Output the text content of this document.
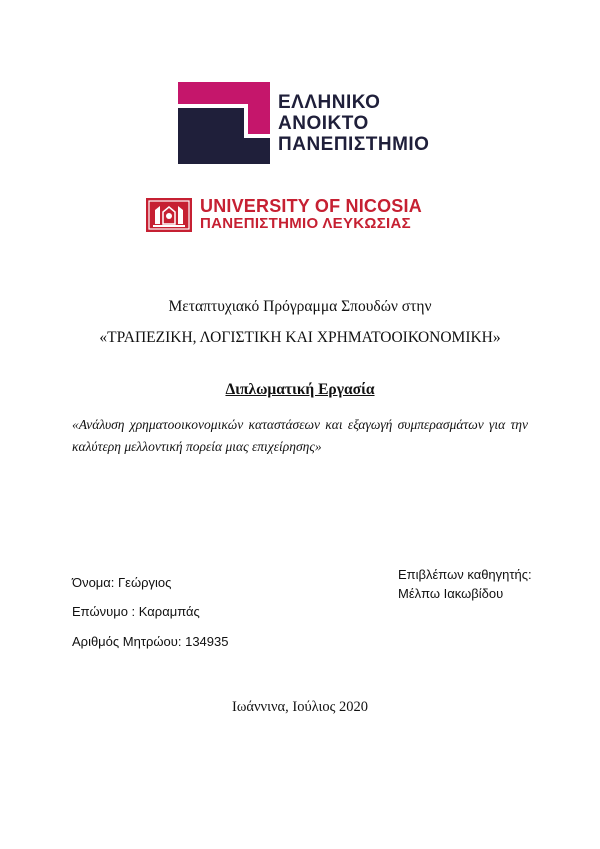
ΕΛΛΗΝΙΚΟ
ΑΝΟΙΚΤΟ
ΠΑΝΕΠΙΣΤΗΜΙΟ
UNIVERSITY OF NICOSIA
ΠΑΝΕΠΙΣΤΗΜΙΟ ΛΕΥΚΩΣΙΑΣ
Μεταπτυχιακό Πρόγραμμα Σπουδών στην
«ΤΡΑΠΕΖΙΚΗ, ΛΟΓΙΣΤΙΚΗ ΚΑΙ ΧΡΗΜΑΤΟΟΙΚΟΝΟΜΙΚΗ»
Διπλωματική Εργασία
«Ανάλυση χρηματοοικονομικών καταστάσεων και εξαγωγή συμπερασμάτων για την καλύτερη μελλοντική πορεία μιας επιχείρησης»
Όνομα: Γεώργιος
Επώνυμο : Καραμπάς
Αριθμός Μητρώου: 134935
Επιβλέπων καθηγητής:
Μέλπω Ιακωβίδου
Ιωάννινα, Ιούλιος 2020
